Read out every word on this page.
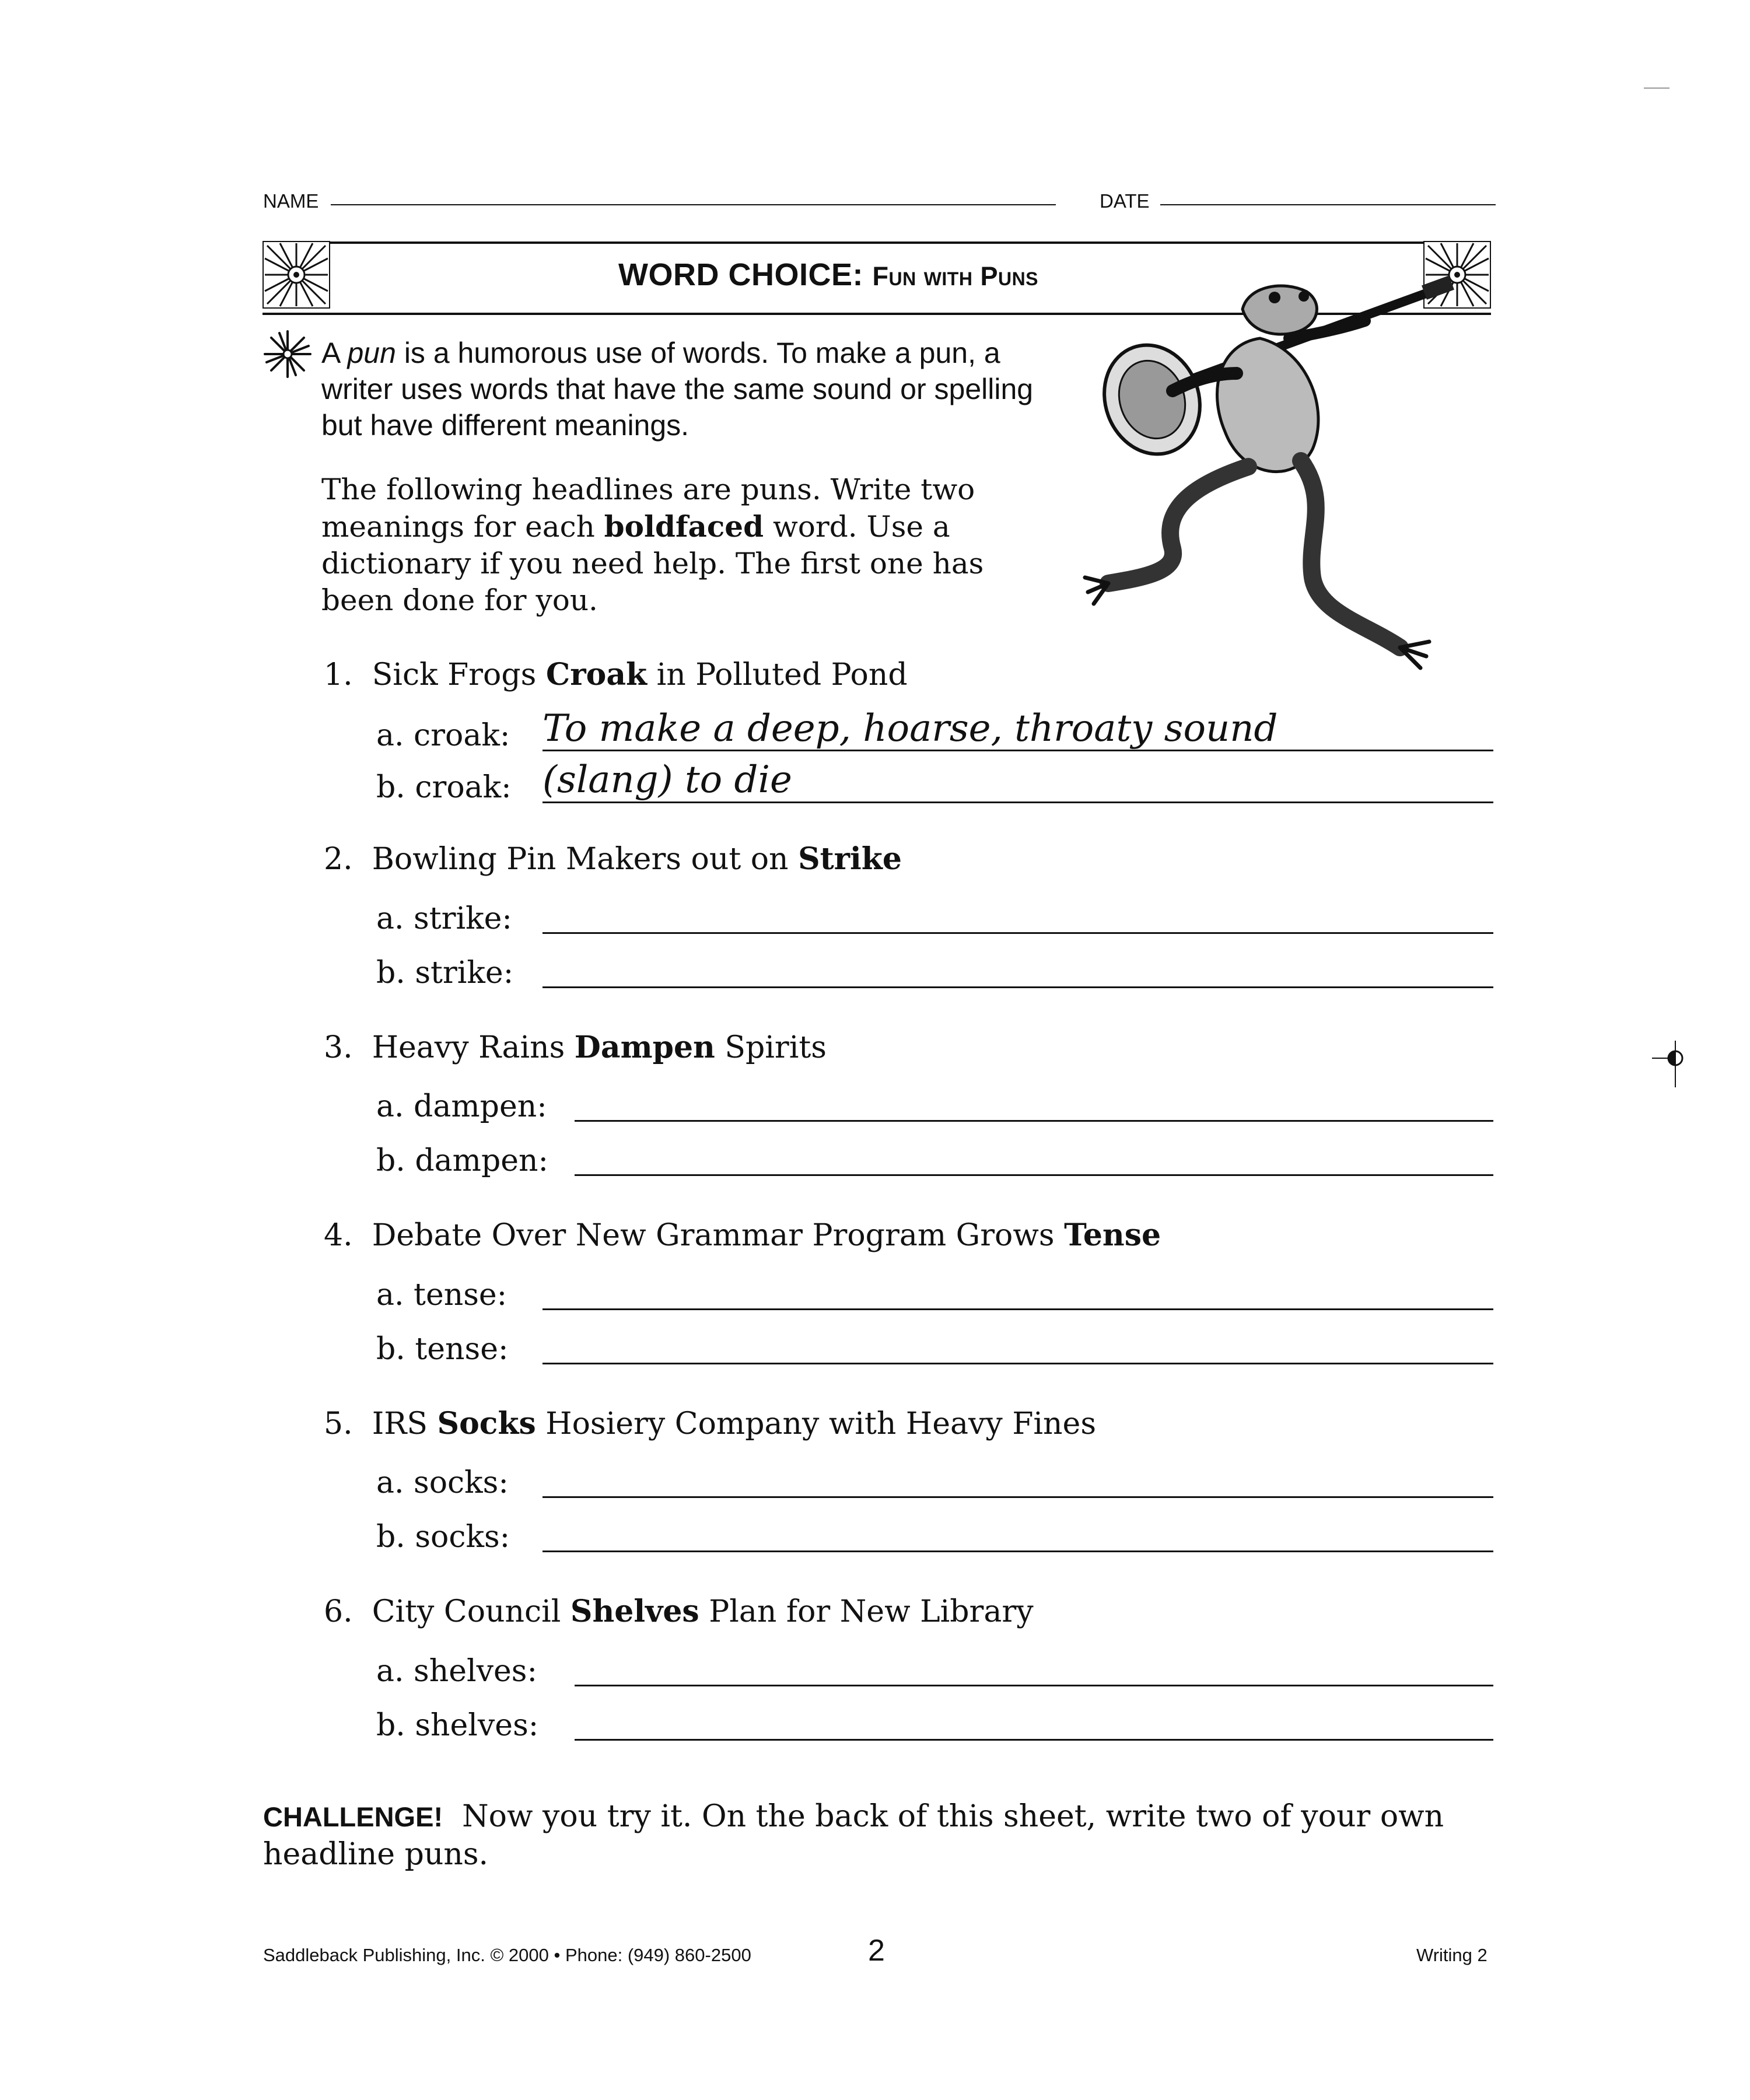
NAME	DATE
WORD CHOICE: Fun with Puns
A pun is a humorous use of words. To make a pun, a writer uses words that have the same sound or spelling but have different meanings.
The following headlines are puns. Write two meanings for each boldfaced word. Use a dictionary if you need help. The first one has been done for you.
1. Sick Frogs Croak in Polluted Pond
a. croak: To make a deep, hoarse, throaty sound
b. croak: (slang) to die
2. Bowling Pin Makers out on Strike
a. strike:
b. strike:
3. Heavy Rains Dampen Spirits
a. dampen:
b. dampen:
4. Debate Over New Grammar Program Grows Tense
a. tense:
b. tense:
5. IRS Socks Hosiery Company with Heavy Fines
a. socks:
b. socks:
6. City Council Shelves Plan for New Library
a. shelves:
b. shelves:
CHALLENGE! Now you try it. On the back of this sheet, write two of your own headline puns.
Saddleback Publishing, Inc. © 2000 • Phone: (949) 860-2500	2	Writing 2
